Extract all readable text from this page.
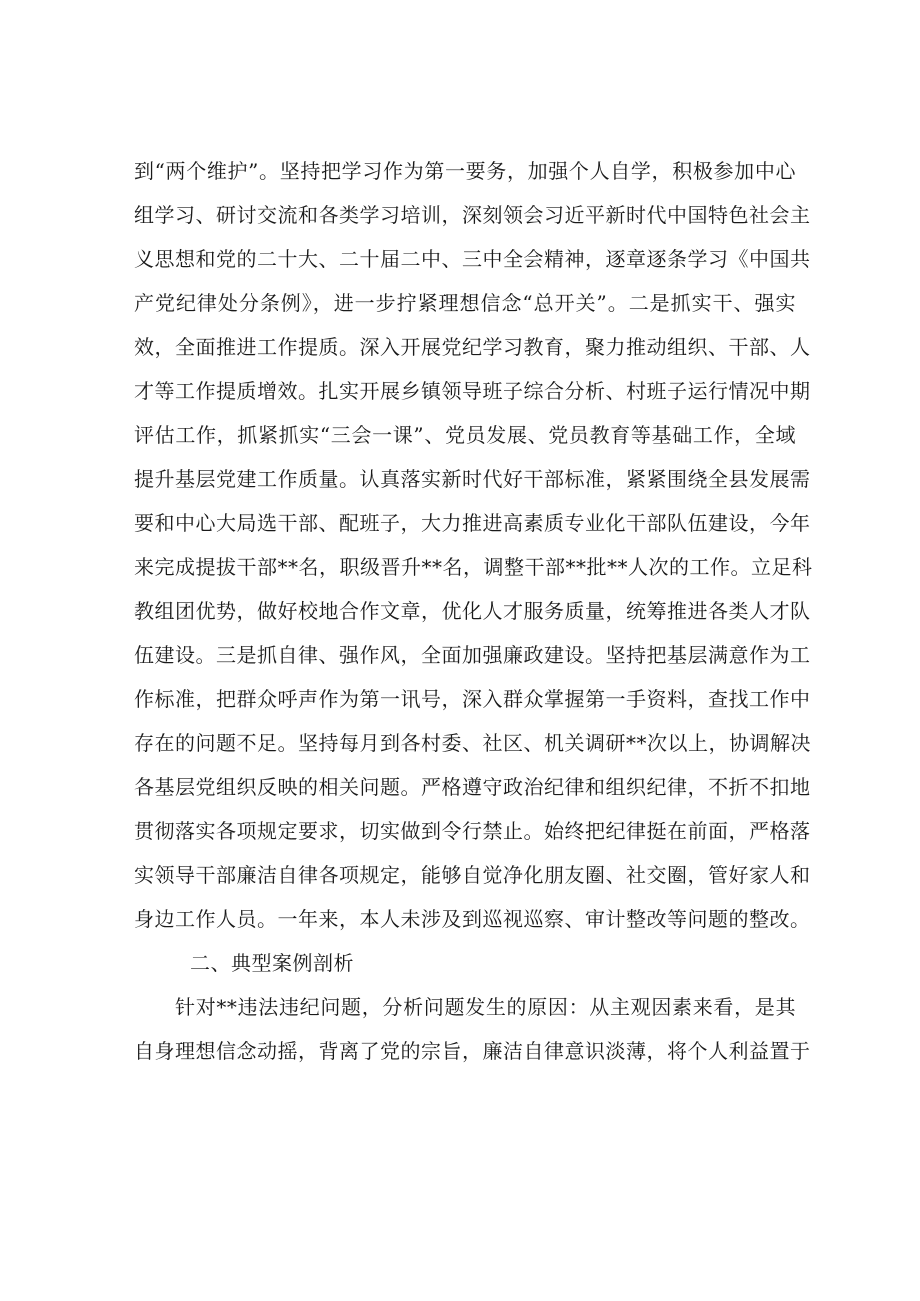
到“两个维护”。坚持把学习作为第一要务，加强个人自学，积极参加中心
组学习、研讨交流和各类学习培训，深刻领会习近平新时代中国特色社会主
义思想和党的二十大、二十届二中、三中全会精神，逐章逐条学习《中国共
产党纪律处分条例》，进一步拧紧理想信念“总开关”。二是抓实干、强实
效，全面推进工作提质。深入开展党纪学习教育，聚力推动组织、干部、人
才等工作提质增效。扎实开展乡镇领导班子综合分析、村班子运行情况中期
评估工作，抓紧抓实“三会一课”、党员发展、党员教育等基础工作，全域
提升基层党建工作质量。认真落实新时代好干部标准，紧紧围绕全县发展需
要和中心大局选干部、配班子，大力推进高素质专业化干部队伍建设，今年
来完成提拔干部**名，职级晋升**名，调整干部**批**人次的工作。立足科
教组团优势，做好校地合作文章，优化人才服务质量，统筹推进各类人才队
伍建设。三是抓自律、强作风，全面加强廉政建设。坚持把基层满意作为工
作标准，把群众呼声作为第一讯号，深入群众掌握第一手资料，查找工作中
存在的问题不足。坚持每月到各村委、社区、机关调研**次以上，协调解决
各基层党组织反映的相关问题。严格遵守政治纪律和组织纪律，不折不扣地
贯彻落实各项规定要求，切实做到令行禁止。始终把纪律挺在前面，严格落
实领导干部廉洁自律各项规定，能够自觉净化朋友圈、社交圈，管好家人和
身边工作人员。一年来，本人未涉及到巡视巡察、审计整改等问题的整改。
二、典型案例剖析
针对**违法违纪问题，分析问题发生的原因：从主观因素来看，是其
自身理想信念动摇，背离了党的宗旨，廉洁自律意识淡薄，将个人利益置于
